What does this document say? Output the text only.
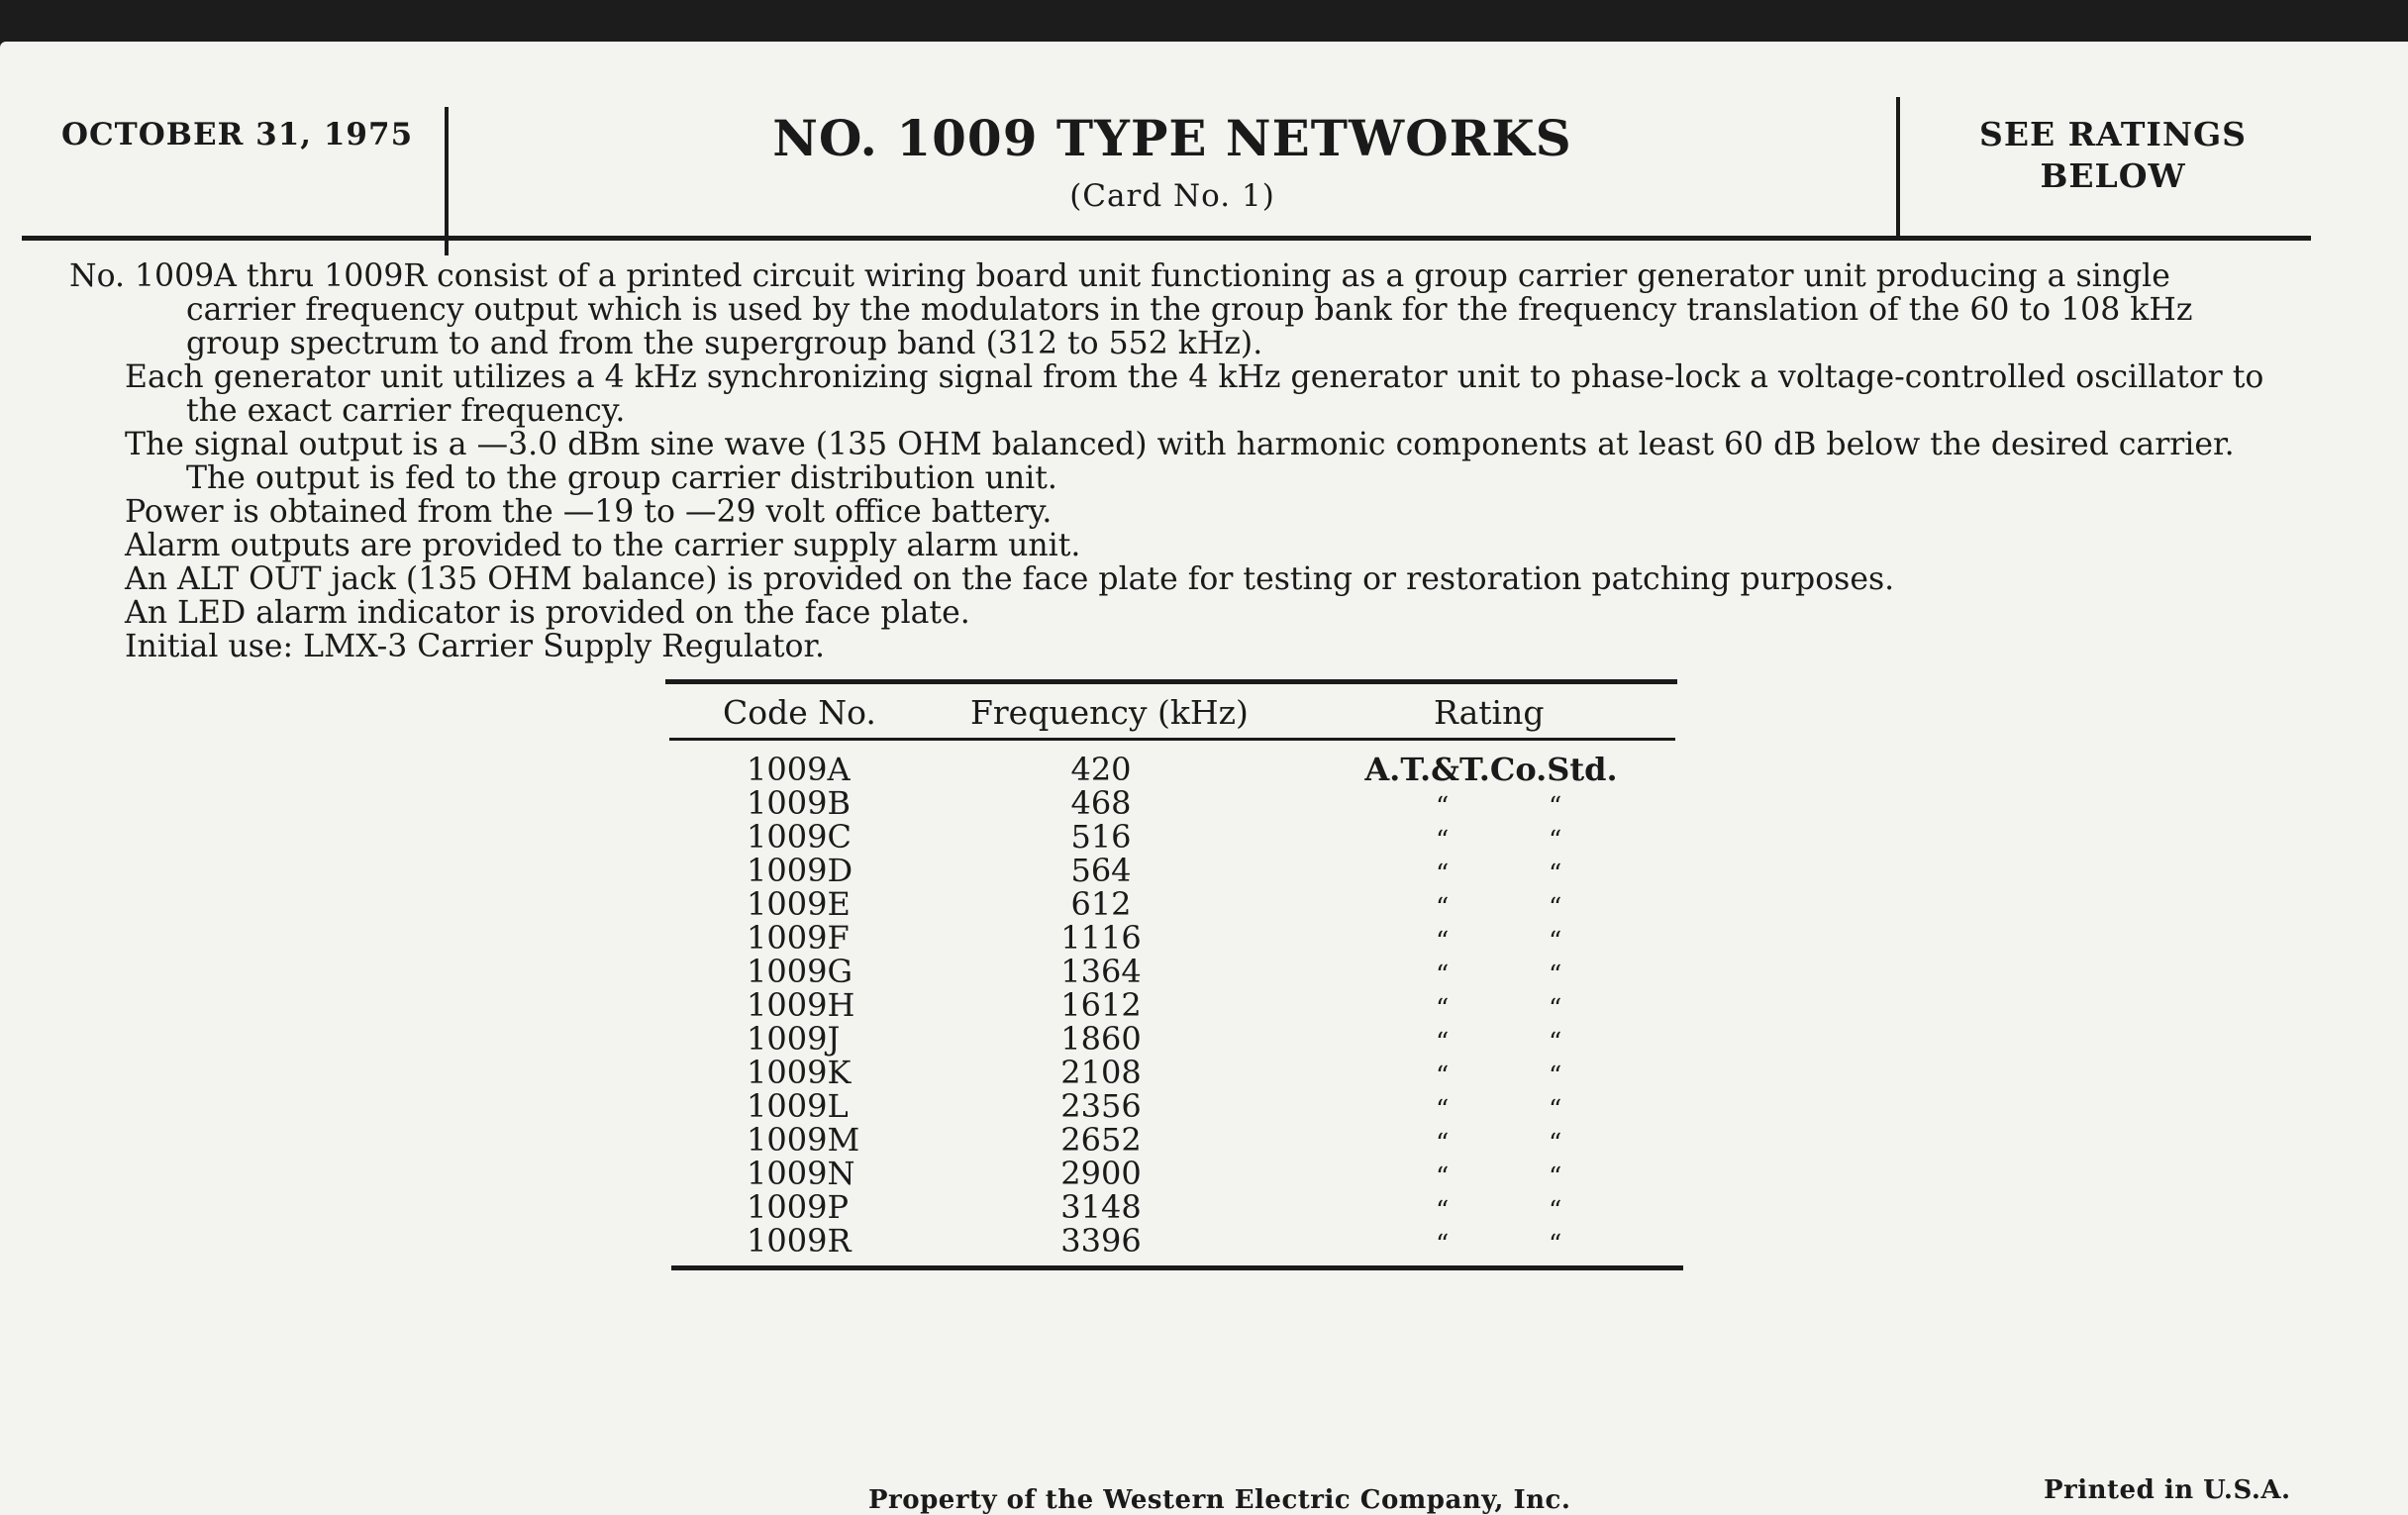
OCTOBER 31, 1975	NO. 1009 TYPE NETWORKS
(Card No. 1)
SEE RATINGS
BELOW

No. 1009A thru 1009R consist of a printed circuit wiring board unit functioning as a group carrier generator unit producing a single carrier frequency output which is used by the modulators in the group bank for the frequency translation of the 60 to 108 kHz group spectrum to and from the supergroup band (312 to 552 kHz).

Each generator unit utilizes a 4 kHz synchronizing signal from the 4 kHz generator unit to phase-lock a voltage-controlled oscillator to the exact carrier frequency.

The signal output is a —3.0 dBm sine wave (135 OHM balanced) with harmonic components at least 60 dB below the desired carrier. The output is fed to the group carrier distribution unit.

Power is obtained from the —19 to —29 volt office battery.

Alarm outputs are provided to the carrier supply alarm unit.

An ALT OUT jack (135 OHM balance) is provided on the face plate for testing or restoration patching purposes.

An LED alarm indicator is provided on the face plate.

Initial use: LMX-3 Carrier Supply Regulator.

Code No.	Frequency (kHz)	Rating
1009A	420	A.T.&T.Co.Std.
1009B	468	“	“
1009C	516	“	“
1009D	564	“	“
1009E	612	“	“
1009F	1116	“	“
1009G	1364	“	“
1009H	1612	“	“
1009J	1860	“	“
1009K	2108	“	“
1009L	2356	“	“
1009M	2652	“	“
1009N	2900	“	“
1009P	3148	“	“
1009R	3396	“	“
Property of the Western Electric Company, Inc.	Printed in U.S.A.
